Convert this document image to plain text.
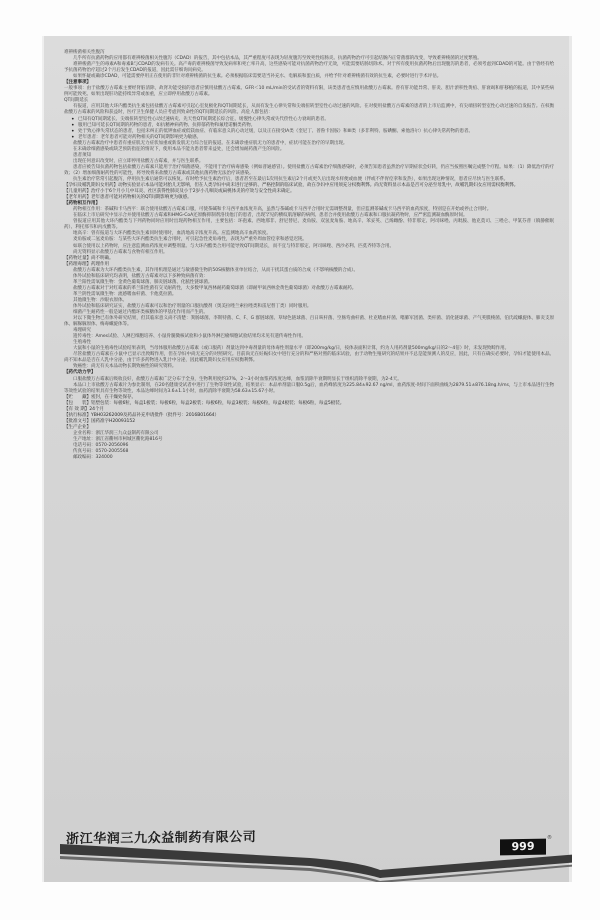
难辨梭菌相关性腹泻

几乎所有抗菌药物的应用都有难辨梭菌相关性腹泻（CDAD）的报告，其中包括本品，其严重程度可表现为轻度腹泻至致死性结肠炎。抗菌药物治疗可引起结肠内正常菌群的改变，导致难辨梭菌的过度繁殖。

难辨梭菌产生的毒素A和毒素B与CDAD的发病有关。高产毒的难辨梭菌导致发病率和死亡率升高，这些感染可能对抗菌药物治疗无效，可能需要结肠切除术。对于所有使用抗菌药物后出现腹泻的患者，必须考虑到CDAD的可能。由于曾经有给予抗菌药物治疗超过2个月后发生CDAD的报道，因此需仔细询问病史。

如果怀疑或确诊CDAD，可能需要停用正在使用的非针对难辨梭菌的抗生素。必须根据临床需要适当补充水、电解质和蛋白质，并给予针对难辨梭菌有效的抗生素，必要时进行手术评估。

【注意事项】

一般事项：由于盐酸万古霉素主要经肾脏清除，故肾功能受损的患者应慎用盐酸万古霉素。GFR＜10 mL/min的受试者的资料有限，该类患者也应慎用盐酸万古霉素。曾有肝功能异常、肝炎、胆汁淤积性黄疸、肝衰竭和肝移植的报道，其中某些病例可能致死。如果出现肝功能持续异常或加重，应立即停用盐酸万古霉素。

QT间期延长

有报道，应用其他大环内酯类抗生素包括盐酸万古霉素可引起心室复极化和QT间期延长，从而有发生心律失常和尖端扭转型室性心动过速的风险。在对使用盐酸万古霉素的患者的上市后监测中，有尖端扭转型室性心动过速的自发报告。在权衡盐酸万古霉素的风险和获益时，医疗卫生保健人员应考虑到致命性的QT间期延长的风险。高危人群包括：

• 已知有QT间期延长、尖端扭转型室性心动过速病史、先天性QT间期延长综合征、缓慢性心律失常或失代偿性心力衰竭的患者。

• 服用已知可延长QT间期的药物的患者，如抗精神病药物、抗抑郁药物和氟喹诺酮类药物。

• 处于致心律失常状态的患者，包括未纠正的低钾血症或低镁血症、有临床意义的心动过缓，以及正在接受IA类（奎尼丁、普鲁卡因胺）和III类（多非利特、胺碘酮、索他洛尔）抗心律失常药物的患者。

• 老年患者：老年患者可能对药物相关的QT间期影响更为敏感。

盐酸万古霉素治疗中患者有重症肌无力症状加重或新发肌无力综合征的报道。在未确诊重症肌无力的患者中，症状可能在治疗的早期出现。

在未确诊细菌感染或缺乏预防指征的情况下，使用本品不能为患者带来益处，还会增加耐药菌产生的风险。

患者须知

出现任何意识改变时，应立即停用盐酸万古霉素，并与医生联系。

患者应被告知抗菌药物包括盐酸万古霉素只能用于治疗细菌感染，不能用于治疗病毒感染（例如普通感冒）。使用盐酸万古霉素治疗细菌感染时，必须告知患者虽然治疗早期症状会好转，仍应当按照医嘱完成整个疗程。如果：（1）降低治疗的疗效；（2）增加细菌耐药性的可能性，将导致将来盐酸万古霉素或其他抗菌药物无法治疗该感染。

抗生素治疗常常引起腹泻，停用抗生素后通常可以恢复。有时给予抗生素治疗后，患者甚至在最后1次用抗生素后2个月或更久后出现水样便或血便（伴或不伴胃痉挛和发热），如果出现这种情况，患者应尽快与医生联系。

【孕妇及哺乳期妇女用药】动物实验显示本品可能对胎儿无影响，但在人类孕妇中尚未进行足够的、严格控制的临床试验，故在孕妇中应用须充分权衡利弊。尚无资料显示本品是否可分泌至母乳中，故哺乳期妇女应用需权衡利弊。

【儿童用药】治疗小于6个月小儿中耳炎、社区获得性肺炎及小于2岁小儿咽炎或扁桃体炎的疗效与安全性尚未确定。

【老年用药】老年患者可能对药物相关的QT间期影响更为敏感。

【药物相互作用】

药物相互作用：茶碱和卡马西平：联合使用盐酸万古霉素口服，可使茶碱和卡马西平血浓度升高，虽然与茶碱或卡马西平合用时无需调整剂量，但应监测茶碱或卡马西平的血药浓度，特别是在开始或停止合用时。

在临床上市后研究中显示合并使用盐酸万古霉素和HMG-CoA还原酶抑制剂洛伐他汀的患者，出现罕见的横纹肌溶解的病例。患者合并使用盐酸万古霉素和口服抗凝药物时，应严密监测凝血酶原时间。

曾报道应用其他大环内酯类与下列药物同时应用时出现药物相互作用，主要包括：环孢素、西地那非、舒尼替尼、麦角胺、双氢麦角胺、地高辛、苯妥英、己烯雌酚、特非那定、阿司咪唑、丙吡胺、他克莫司、三唑仑、甲氯芬普（镇静催眠药）、利托那韦和丙戊酸等。

地高辛：曾有报道与大环内酯类抗生素同时使用时，血清地高辛浓度升高。应监测地高辛血药浓度。

麦角胺或二氢麦角胺：与某些大环内酯类抗生素合用时，可引起急性麦角毒性，表现为严重外周血管痉挛和感觉迟钝。

如联合使用以上药物时，应注意监测血药浓度并调整剂量。与大环内酯类合用可能导致QT间期延长，而不宜与特非那定、阿司咪唑、西沙必利、匹莫齐特等合用。

尚无资料显示盐酸万古霉素与食物有相互作用。

【药物过量】尚不明确。

【药理毒理】药理作用

盐酸万古霉素为大环内酯类抗生素，其作用机理是通过与敏感微生物的50S核糖体亚单位结合，从而干扰其蛋白质的合成（不影响核酸的合成）。

体外试验和临床研究均表明，盐酸万古霉素对以下多种致病菌有效：

革兰阳性需氧微生物：金黄色葡萄球菌、肺炎链球菌、化脓性链球菌。

盐酸万古霉素对于对红霉素的革兰阳性菌有交叉耐药性，大多数甲氧西林耐药葡萄球菌（即耐甲氧西林金黄色葡萄球菌）对盐酸万古霉素耐药。

革兰阴性需氧微生物：流感嗜血杆菌、卡他莫拉菌。

其他微生物：沙眼衣原体。

体外试验和临床研究证实，盐酸万古霉素可以和治疗剂量的口服抗酸剂（奥美拉唑兰索拉唑类和雷尼替丁类）同时服用。

细菌产生耐药性一般是通过内酯环类核糖体的甲基化作用而产生的。

对以下微生物已有体外研究结果，但其临床意义尚不清楚：粪肠球菌、李斯特菌、C、F、G 群链球菌、草绿色链球菌、百日咳杆菌、空肠弯曲杆菌、杜克嗜血杆菌、嗜肺军团菌、类杆菌、消化链球菌、产气荚膜梭菌、伯氏疏螺旋体、肺炎支原体、解脲脲原体、梅毒螺旋体等。

毒理研究

遗传毒性：Ames试验、人淋巴细胞培养、小鼠骨髓微核试验和小鼠体外淋巴瘤细胞试验结果均未见有遗传毒性作用。

生殖毒性

大鼠和小鼠的生殖毒性试验结果表明，当母体服用盐酸万古霉素（或口服药）剂量达到中毒剂量的母体毒性剂量水平（即200mg/kg/日，按体表面积计算，约为人用药剂量500mg/kg/日的2～4倍）时，未发现致畸作用。

尽管盐酸万古霉素在小鼠中已显示出致畸作用，但在孕妇中尚无充分的对照研究。目前尚无在妊娠妇女中进行充分的和严格对照的临床试验，由于动物生殖研究的结果并不总是能预测人的反应，因此，只有在确实必要时，孕妇才能使用本品。尚不知本品是否在人乳中分泌，由于许多药物进入乳汁中分泌，因此哺乳期妇女应用应权衡利弊。

致癌性：尚无有关本品动物长期致癌性的研究资料。

【药代动力学】

口服盐酸万古霉素后吸收良好，盐酸万古霉素广泛分布于全身，生物利用度约37%，2～3小时血浆药浓度达峰，血浆消除半衰期明显长于组织消除半衰期，为2-4天。

本品口上市盐酸万古霉素片为参比制剂，在20名健康受试者中进行了生物等效性试验，结果显示：本品单剂量口服0.5g后，血药峰浓度为225.84±92.67 ng/ml，血药浓度-时间下面积曲线为2879.51±876.18ng.h/ms，与上市本品进行生物等效性试验的结果具有生物等效性，本品达峰时间为3.6±1.1小时，血药消除半衰期为58.63±15.67小时。

【贮　　藏】密封，在干燥处保存。

【包　　装】铝塑包装：每板6粒，每盒1板装；每板6粒，每盒2板装；每板6粒，每盒3板装；每板6粒，每盒4板装；每板6粒，每盒5板装。

【有 效 期】24个月

【执行标准】YBH03262009及药品补充申请批件（批件号：2016B01664）

【批准文号】国药准字H20093152

【生产企业】

企业名称：浙江华润三九众益制药有限公司

生产地址：浙江省衢州市柯城区衢化路816号

电话号码：0570-2056096

传真号码：0570-2005568

邮政编码：324000

浙江华润三九众益制药有限公司	999
®
